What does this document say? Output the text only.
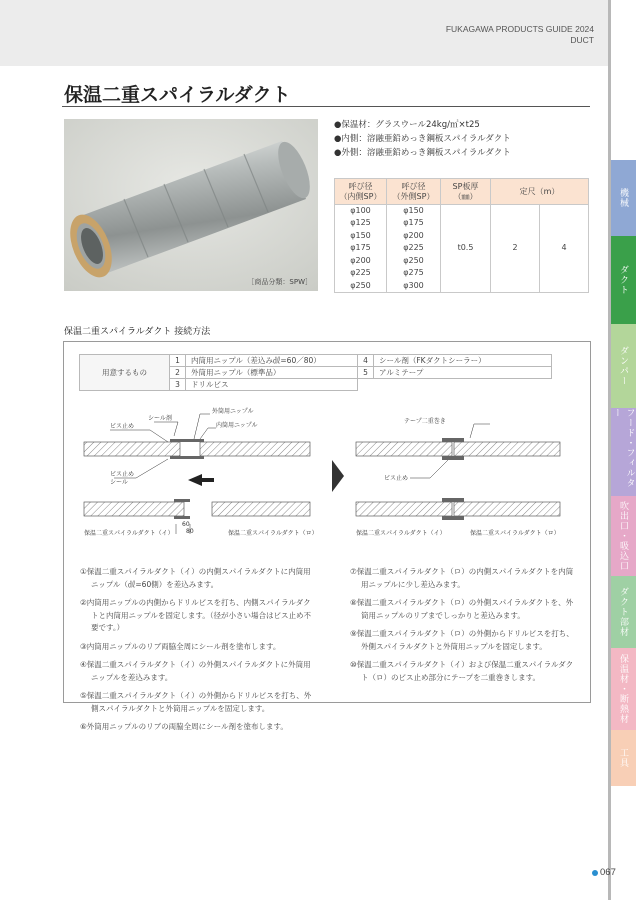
FUKAGAWA PRODUCTS GUIDE 2024
DUCT
保温二重スパイラルダクト
［商品分類：SPW］
●保温材：グラスウール24kg/㎥×t25
●内側：溶融亜鉛めっき鋼板スパイラルダクト
●外側：溶融亜鉛めっき鋼板スパイラルダクト
呼び径
（内側SP）	呼び径
（外側SP）	SP板厚（㎜）	定尺（m）	
φ100	φ150	t0.5	2	4
φ125	φ175			
φ150	φ200			
φ175	φ225			
φ200	φ250			
φ225	φ275			
φ250	φ300			
保温二重スパイラルダクト 接続方法
用意するもの	1	内筒用ニップル（差込み㎗=60／80）	4	シール剤（FKダクトシーラー）
	2	外筒用ニップル（標準品）	5	アルミテープ
	3	ドリルビス		
シール剤
ビス止め
外筒用ニップル
内筒用ニップル
ビス止め
シール
60
80
保温二重スパイラルダクト（イ）	保温二重スパイラルダクト（ロ）
テープ二重巻き
ビス止め
保温二重スパイラルダクト（イ）	保温二重スパイラルダクト（ロ）

①保温二重スパイラルダクト（イ）の内側スパイラルダクトに内筒用ニップル（㎗=60側）を差込みます。

②内筒用ニップルの内側からドリルビスを打ち、内側スパイラルダクトと内筒用ニップルを固定します。（径が小さい場合はビス止め不要です。）

③内筒用ニップルのリブ両脇全周にシール剤を塗布します。

④保温二重スパイラルダクト（イ）の外側スパイラルダクトに外筒用ニップルを差込みます。

⑤保温二重スパイラルダクト（イ）の外側からドリルビスを打ち、外側スパイラルダクトと外筒用ニップルを固定します。

⑥外筒用ニップルのリブの両脇全周にシール剤を塗布します。

⑦保温二重スパイラルダクト（ロ）の内側スパイラルダクトを内筒用ニップルに少し差込みます。

⑧保温二重スパイラルダクト（ロ）の外側スパイラルダクトを、外筒用ニップルのリブまでしっかりと差込みます。

⑨保温二重スパイラルダクト（ロ）の外側からドリルビスを打ち、外側スパイラルダクトと外筒用ニップルを固定します。

⑩保温二重スパイラルダクト（イ）および保温二重スパイラルダクト（ロ）のビス止め部分にテープを二重巻きします。

機械
ダクト
ダンパー
フード・フィルター
吹出口・吸込口
ダクト部材
保温材・断熱材
工具
067
